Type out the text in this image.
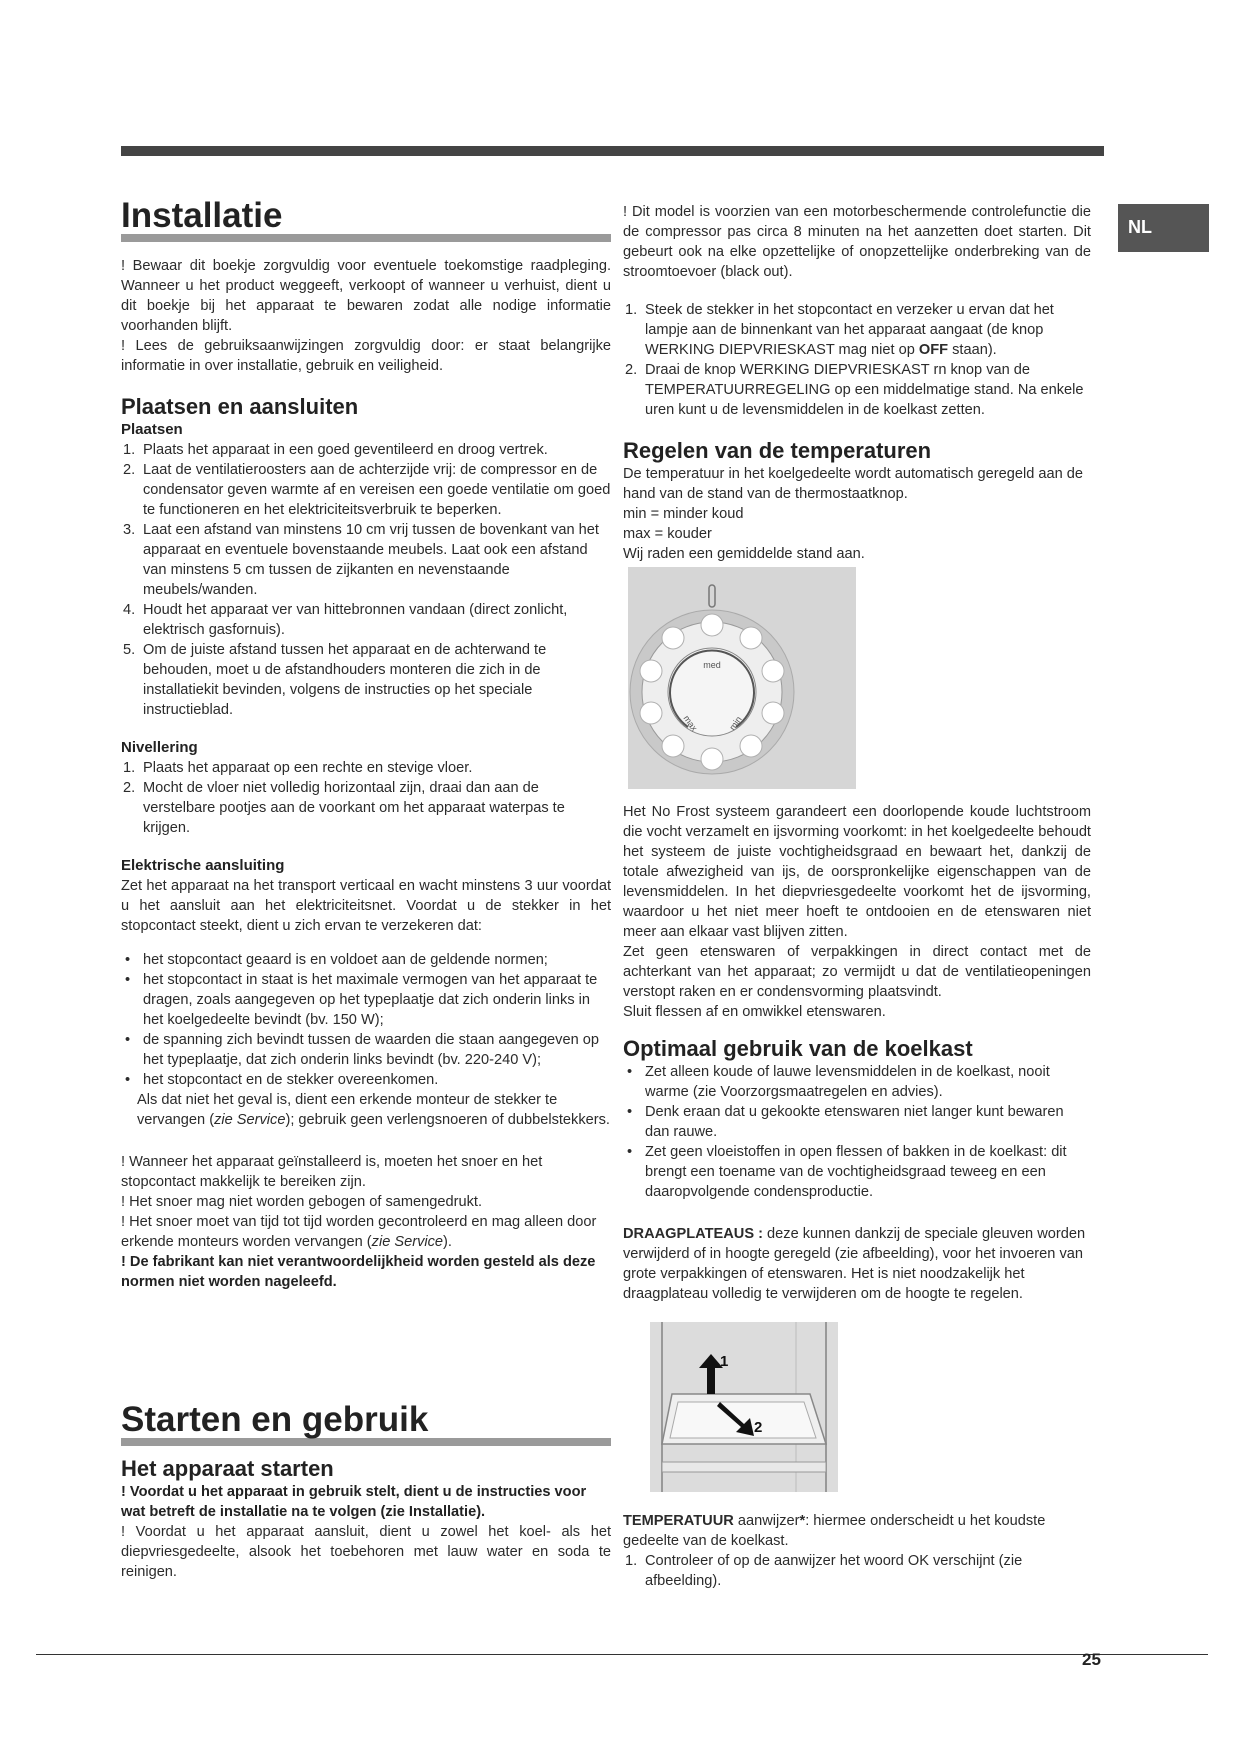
NL
Installatie

! Bewaar dit boekje zorgvuldig voor eventuele toekomstige raadpleging. Wanneer u het product weggeeft, verkoopt of wanneer u verhuist, dient u dit boekje bij het apparaat te bewaren zodat alle nodige informatie voorhanden blijft.

! Lees de gebruiksaanwijzingen zorgvuldig door: er staat belangrijke informatie in over installatie, gebruik en veiligheid.

Plaatsen en aansluiten
Plaatsen
1. Plaats het apparaat in een goed geventileerd en droog vertrek.
2. Laat de ventilatieroosters aan de achterzijde vrij: de compressor en de condensator geven warmte af en vereisen een goede ventilatie om goed te functioneren en het elektriciteitsverbruik te beperken.
3. Laat een afstand van minstens 10 cm vrij tussen de bovenkant van het apparaat en eventuele bovenstaande meubels. Laat ook een afstand van minstens 5 cm tussen de zijkanten en nevenstaande meubels/wanden.
4. Houdt het apparaat ver van hittebronnen vandaan (direct zonlicht, elektrisch gasfornuis).
5. Om de juiste afstand tussen het apparaat en de achterwand te behouden, moet u de afstandhouders monteren die zich in de installatiekit bevinden, volgens de instructies op het speciale instructieblad.
Nivellering
1. Plaats het apparaat op een rechte en stevige vloer.
2. Mocht de vloer niet volledig horizontaal zijn, draai dan aan de verstelbare pootjes aan de voorkant om het apparaat waterpas te krijgen.
Elektrische aansluiting

Zet het apparaat na het transport verticaal en wacht minstens 3 uur voordat u het aansluit aan het elektriciteitsnet. Voordat u de stekker in het stopcontact steekt, dient u zich ervan te verzekeren dat:

• het stopcontact geaard is en voldoet aan de geldende normen;
• het stopcontact in staat is het maximale vermogen van het apparaat te dragen, zoals aangegeven op het typeplaatje dat zich onderin links in het koelgedeelte bevindt (bv. 150 W);
• de spanning zich bevindt tussen de waarden die staan aangegeven op het typeplaatje, dat zich onderin links bevindt (bv. 220-240 V);
• het stopcontact en de stekker overeenkomen.

Als dat niet het geval is, dient een erkende monteur de stekker te vervangen (zie Service); gebruik geen verlengsnoeren of dubbelstekkers.

! Wanneer het apparaat geïnstalleerd is, moeten het snoer en het stopcontact makkelijk te bereiken zijn.

! Het snoer mag niet worden gebogen of samengedrukt.

! Het snoer moet van tijd tot tijd worden gecontroleerd en mag alleen door erkende monteurs worden vervangen (zie Service).

! De fabrikant kan niet verantwoordelijkheid worden gesteld als deze normen niet worden nageleefd.

Starten en gebruik
Het apparaat starten

! Voordat u het apparaat in gebruik stelt, dient u de instructies voor wat betreft de installatie na te volgen (zie Installatie).

! Voordat u het apparaat aansluit, dient u zowel het koel- als het diepvriesgedeelte, alsook het toebehoren met lauw water en soda te reinigen.

! Dit model is voorzien van een motorbeschermende controlefunctie die de compressor pas circa 8 minuten na het aanzetten doet starten. Dit gebeurt ook na elke opzettelijke of onopzettelijke onderbreking van de stroomtoevoer (black out).

1. Steek de stekker in het stopcontact en verzeker u ervan dat het lampje aan de binnenkant van het apparaat aangaat (de knop WERKING DIEPVRIESKAST mag niet op OFF staan).
2. Draai de knop WERKING DIEPVRIESKAST rn knop van de TEMPERATUURREGELING op een middelmatige stand. Na enkele uren kunt u de levensmiddelen in de koelkast zetten.
Regelen van de temperaturen

De temperatuur in het koelgedeelte wordt automatisch geregeld aan de hand van de stand van de thermostaatknop.

min = minder koud

max = kouder

Wij raden een gemiddelde stand aan.

med
max	min

Het No Frost systeem garandeert een doorlopende koude luchtstroom die vocht verzamelt en ijsvorming voorkomt: in het koelgedeelte behoudt het systeem de juiste vochtigheidsgraad en bewaart het, dankzij de totale afwezigheid van ijs, de oorspronkelijke eigenschappen van de levensmiddelen. In het diepvriesgedeelte voorkomt het de ijsvorming, waardoor u het niet meer hoeft te ontdooien en de etenswaren niet meer aan elkaar vast blijven zitten.

Zet geen etenswaren of verpakkingen in direct contact met de achterkant van het apparaat; zo vermijdt u dat de ventilatieopeningen verstopt raken en er condensvorming plaatsvindt.

Sluit flessen af en omwikkel etenswaren.

Optimaal gebruik van de koelkast
• Zet alleen koude of lauwe levensmiddelen in de koelkast, nooit warme (zie Voorzorgsmaatregelen en advies).
• Denk eraan dat u gekookte etenswaren niet langer kunt bewaren dan rauwe.
• Zet geen vloeistoffen in open flessen of bakken in de koelkast: dit brengt een toename van de vochtigheidsgraad teweeg en een daaropvolgende condensproductie.

DRAAGPLATEAUS : deze kunnen dankzij de speciale gleuven worden verwijderd of in hoogte geregeld (zie afbeelding), voor het invoeren van grote verpakkingen of etenswaren. Het is niet noodzakelijk het draagplateau volledig te verwijderen om de hoogte te regelen.

1
2

TEMPERATUUR aanwijzer*: hiermee onderscheidt u het koudste gedeelte van de koelkast.

1. Controleer of op de aanwijzer het woord OK verschijnt (zie afbeelding).
25
